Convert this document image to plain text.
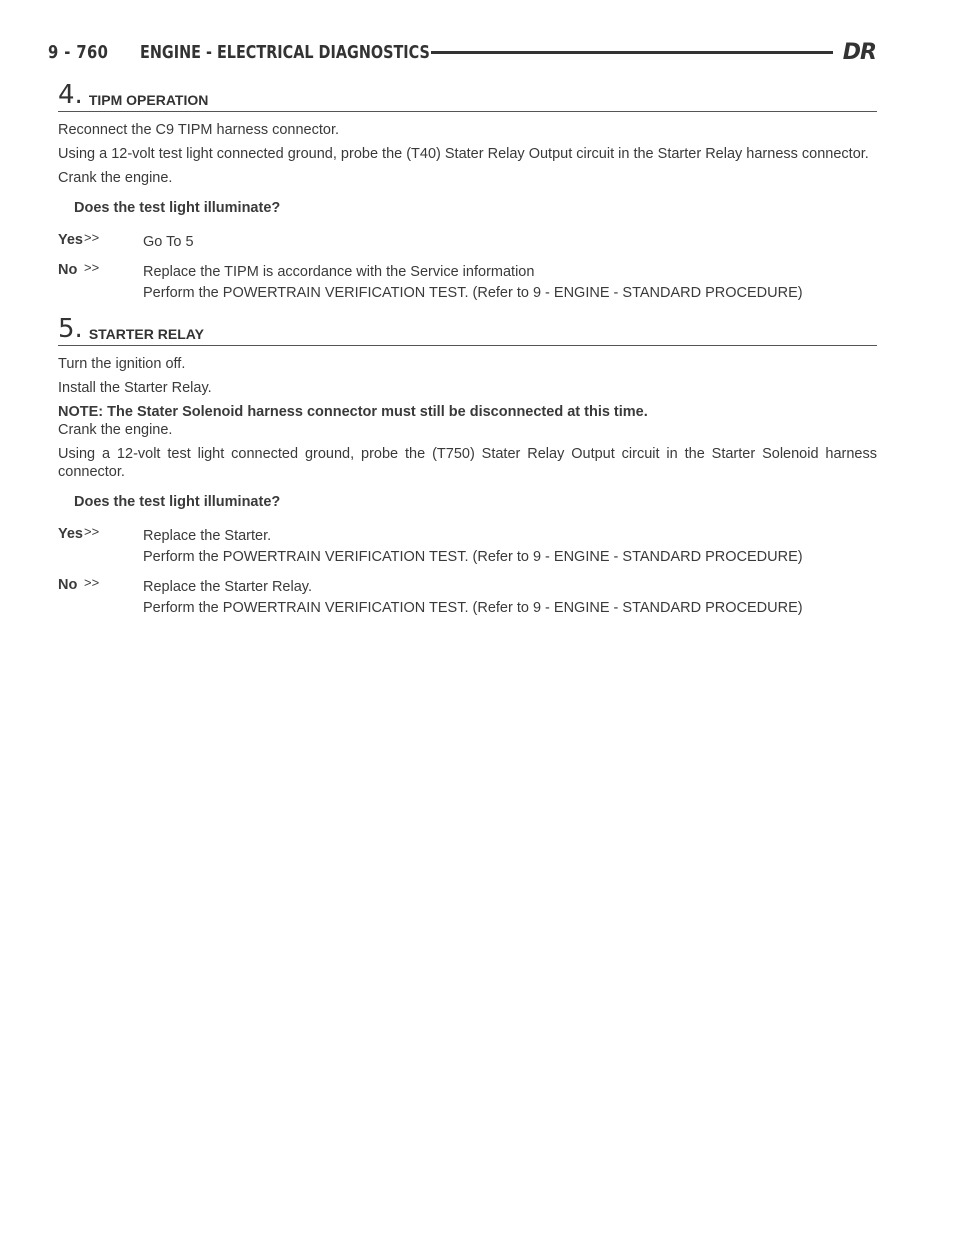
9 - 760 ENGINE - ELECTRICAL DIAGNOSTICS	DR
4 . TIPM OPERATION
Reconnect the C9 TIPM harness connector.
Using a 12-volt test light connected ground, probe the (T40) Stater Relay Output circuit in the Starter Relay harness connector.
Crank the engine.
Does the test light illuminate?
Yes >>	Go To 5
No >>	Replace the TIPM is accordance with the Service information
Perform the POWERTRAIN VERIFICATION TEST. (Refer to 9 - ENGINE - STANDARD PROCEDURE)
5 . STARTER RELAY
Turn the ignition off.
Install the Starter Relay.
NOTE: The Stater Solenoid harness connector must still be disconnected at this time.
Crank the engine.
Using a 12-volt test light connected ground, probe the (T750) Stater Relay Output circuit in the Starter Solenoid harness connector.
Does the test light illuminate?
Yes >>	Replace the Starter.
Perform the POWERTRAIN VERIFICATION TEST. (Refer to 9 - ENGINE - STANDARD PROCEDURE)
No >>	Replace the Starter Relay.
Perform the POWERTRAIN VERIFICATION TEST. (Refer to 9 - ENGINE - STANDARD PROCEDURE)
